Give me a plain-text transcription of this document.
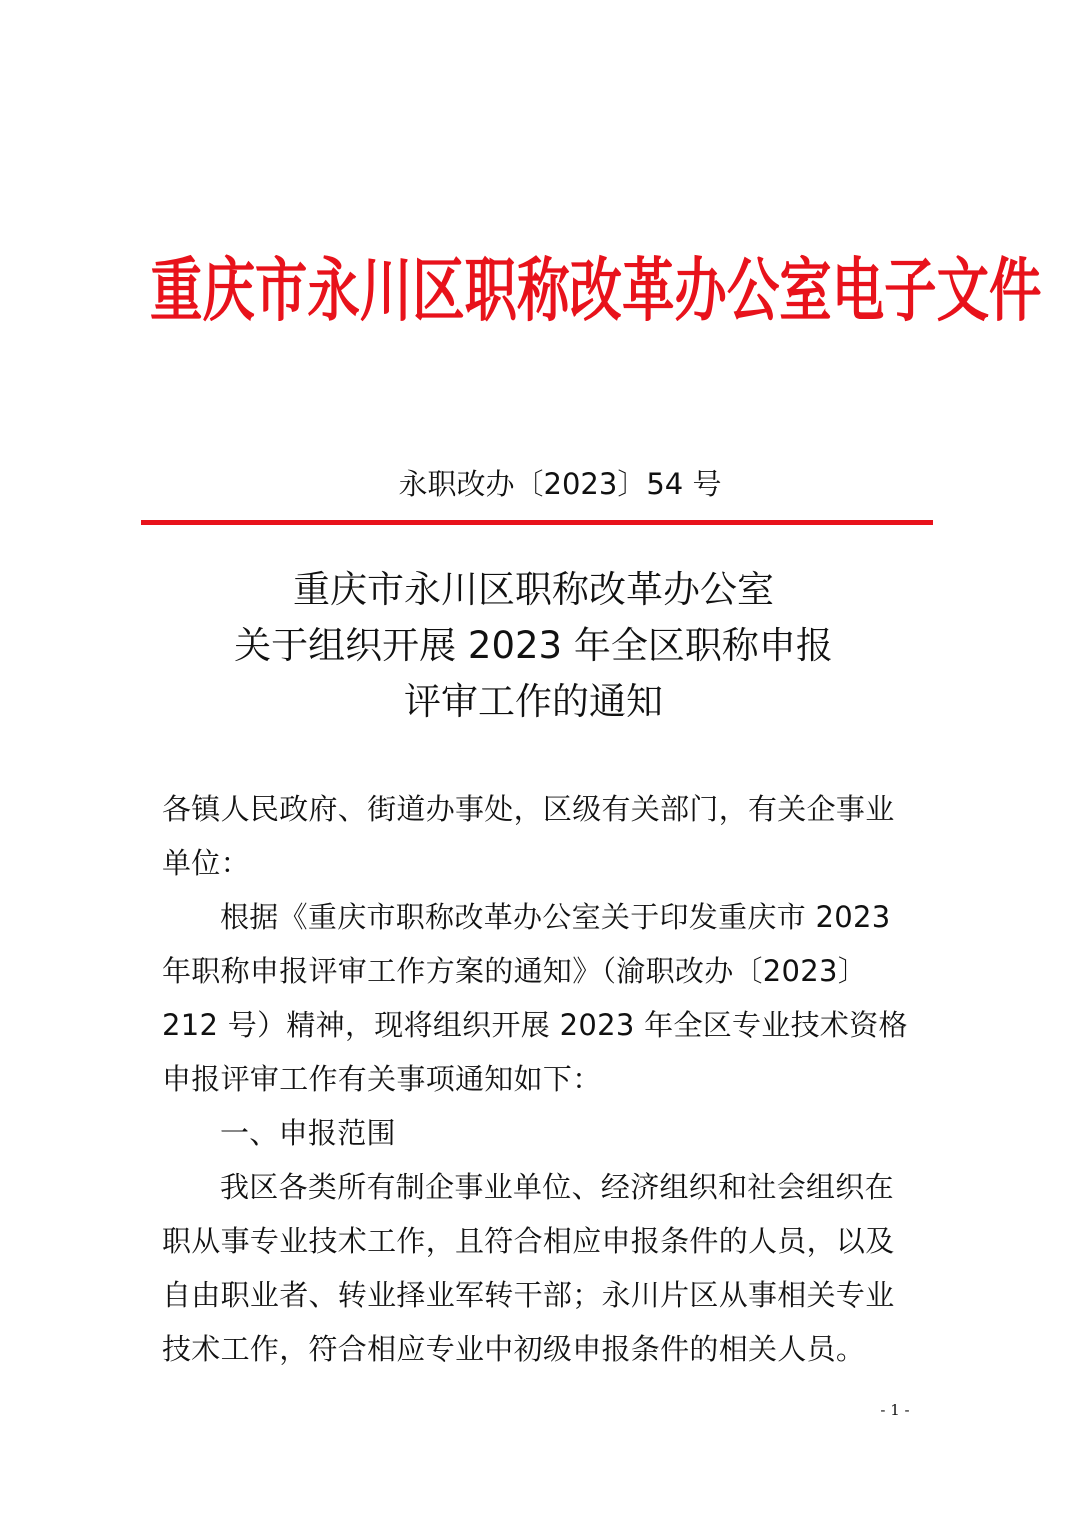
重庆市永川区职称改革办公室电子文件
永职改办〔2023〕54 号
重庆市永川区职称改革办公室
关于组织开展 2023 年全区职称申报
评审工作的通知

各镇人民政府、街道办事处，区级有关部门，有关企事业单位：

根据《重庆市职称改革办公室关于印发重庆市 2023 年职称申报评审工作方案的通知》（渝职改办〔2023〕212 号）精神，现将组织开展 2023 年全区专业技术资格申报评审工作有关事项通知如下：

一、申报范围

我区各类所有制企事业单位、经济组织和社会组织在职从事专业技术工作，且符合相应申报条件的人员，以及自由职业者、转业择业军转干部；永川片区从事相关专业技术工作，符合相应专业中初级申报条件的相关人员。

- 1 -
